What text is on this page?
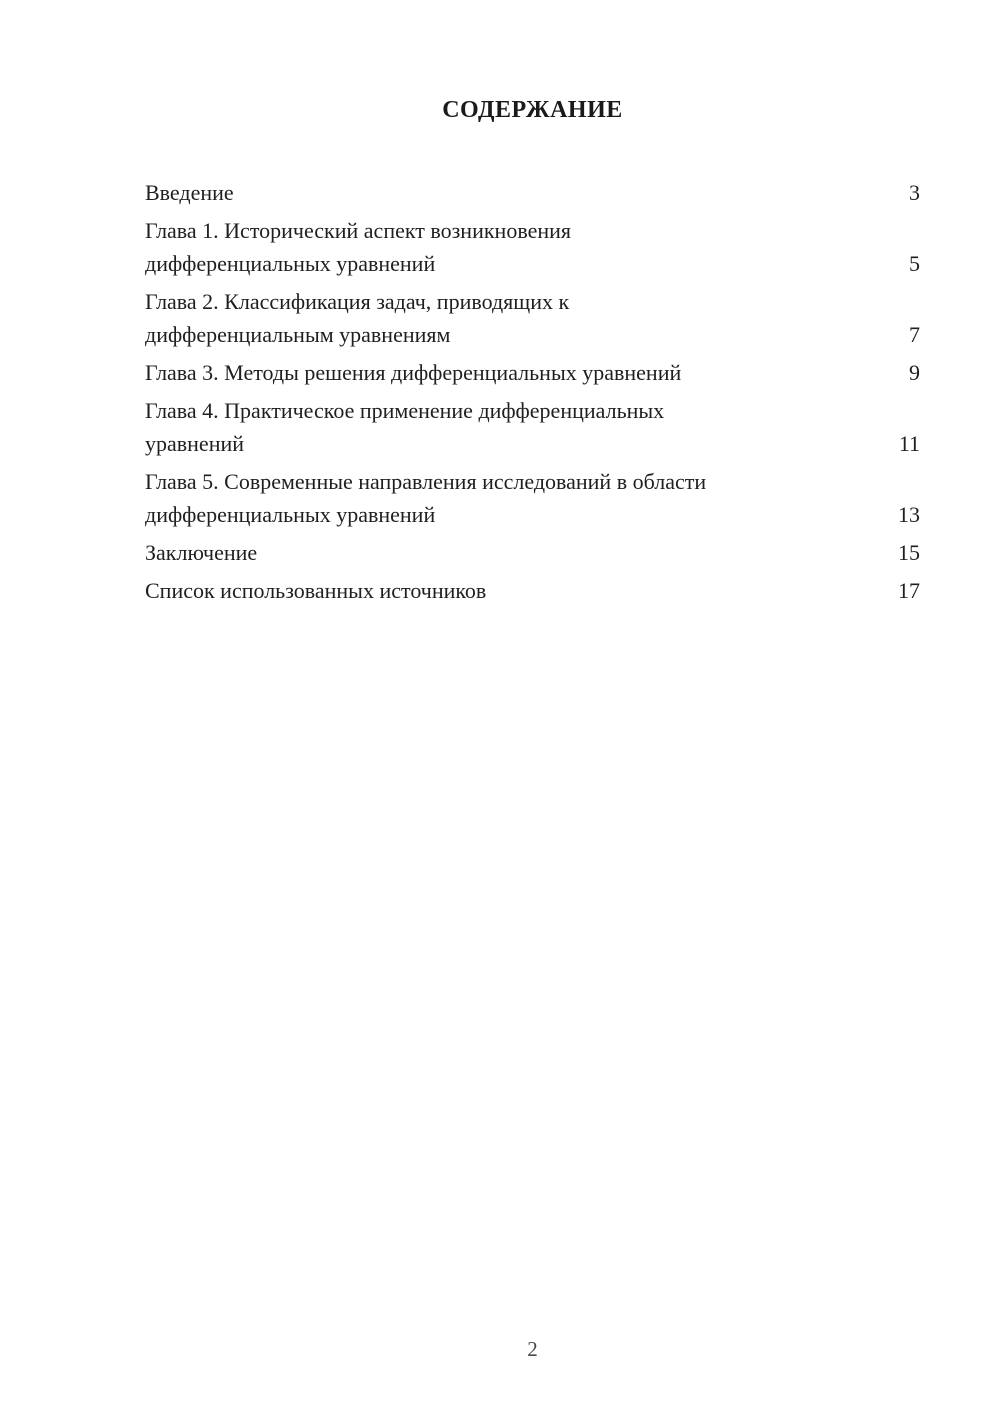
СОДЕРЖАНИЕ
Введение	3
Глава 1. Исторический аспект возникновения
дифференциальных уравнений	5
Глава 2. Классификация задач, приводящих к
дифференциальным уравнениям	7
Глава 3. Методы решения дифференциальных уравнений	9
Глава 4. Практическое применение дифференциальных
уравнений	11
Глава 5. Современные направления исследований в области
дифференциальных уравнений	13
Заключение	15
Список использованных источников	17
2
